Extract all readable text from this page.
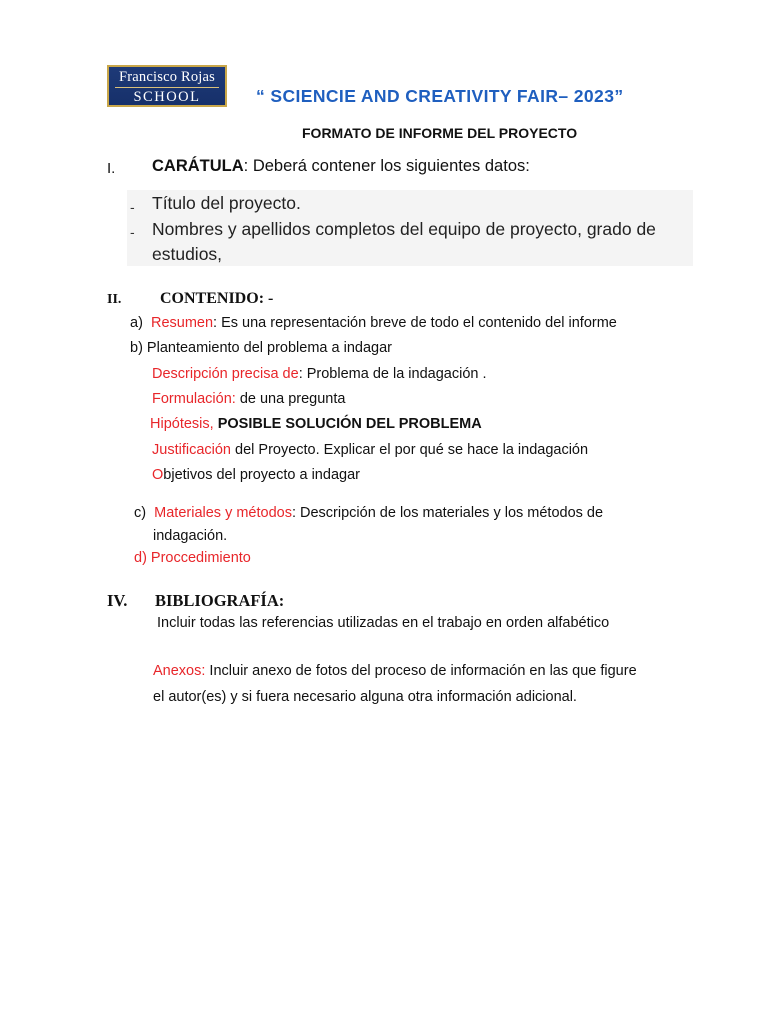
Francisco Rojas
SCHOOL	“ SCIENCIE AND CREATIVITY FAIR– 2023”
FORMATO DE INFORME DEL PROYECTO
I. CARÁTULA: Deberá contener los siguientes datos:
- Título del proyecto.
- Nombres y apellidos completos del equipo de proyecto, grado de
estudios,
II. CONTENIDO: -
a) Resumen: Es una representación breve de todo el contenido del informe
b) Planteamiento del problema a indagar
Descripción precisa de: Problema de la indagación .
Formulación: de una pregunta
Hipótesis, POSIBLE SOLUCIÓN DEL PROBLEMA
Justificación del Proyecto. Explicar el por qué se hace la indagación
Objetivos del proyecto a indagar
c) Materiales y métodos: Descripción de los materiales y los métodos de
indagación.
d) Proccedimiento
IV. BIBLIOGRAFÍA:
Incluir todas las referencias utilizadas en el trabajo en orden alfabético
Anexos: Incluir anexo de fotos del proceso de información en las que figure
el autor(es) y si fuera necesario alguna otra información adicional.
